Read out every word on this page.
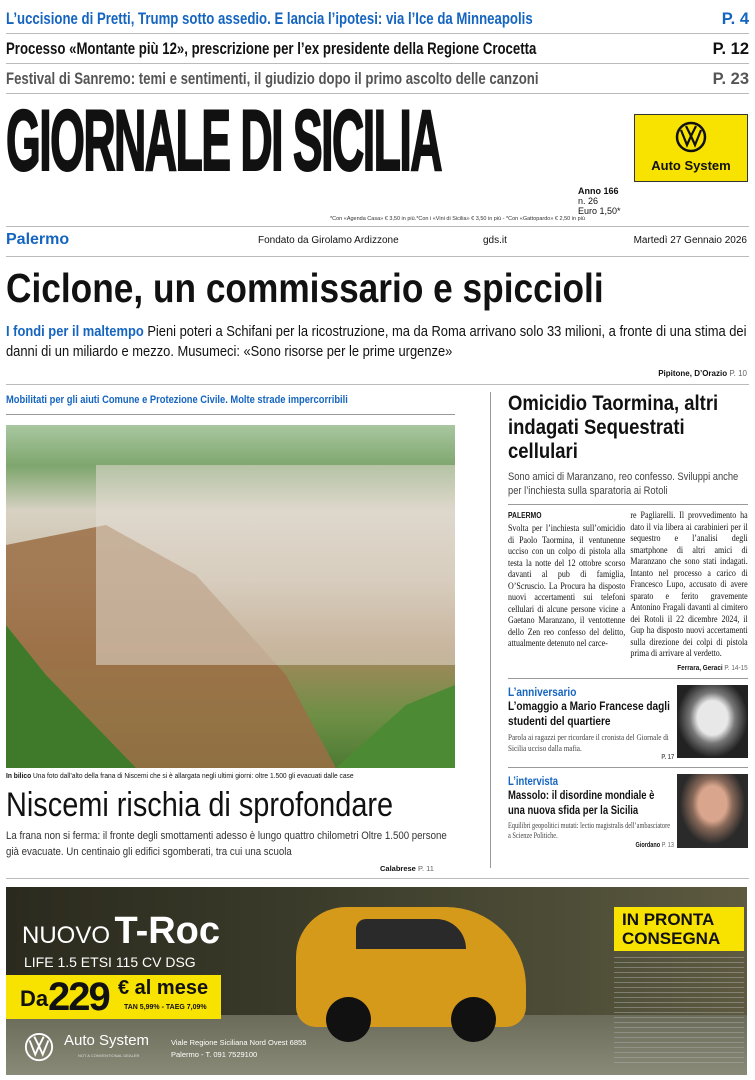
L’uccisione di Pretti, Trump sotto assedio. E lancia l’ipotesi: via l’Ice da Minneapolis	P. 4
Processo «Montante più 12», prescrizione per l’ex presidente della Regione Crocetta	P. 12
Festival di Sanremo: temi e sentimenti, il giudizio dopo il primo ascolto delle canzoni	P. 23
GIORNALE DI SICILIA	Auto System
Anno 166
n. 26
Euro 1,50*
*Con «Agenda Casa» € 3,50 in più.*Con i «Vini di Sicilia» € 3,50 in più - *Con «Gattopardo» € 2,50 in più
Palermo	Fondato da Girolamo Ardizzone	gds.it	Martedì 27 Gennaio 2026
Ciclone, un commissario e spiccioli
I fondi per il maltempo Pieni poteri a Schifani per la ricostruzione, ma da Roma arrivano solo 33 milioni, a fronte di una stima dei danni di un miliardo e mezzo. Musumeci: «Sono risorse per le prime urgenze»
Pipitone, D’Orazio P. 10
Mobilitati per gli aiuti Comune e Protezione Civile. Molte strade impercorribili
In bilico Una foto dall’alto della frana di Niscemi che si è allargata negli ultimi giorni: oltre 1.500 gli evacuati dalle case
Niscemi rischia di sprofondare
La frana non si ferma: il fronte degli smottamenti adesso è lungo quattro chilometri Oltre 1.500 persone già evacuate. Un centinaio gli edifici sgomberati, tra cui una scuola
Calabrese P. 11
Omicidio Taormina, altri indagati Sequestrati cellulari
Sono amici di Maranzano, reo confesso. Sviluppi anche per l’inchiesta sulla sparatoria ai Rotoli
PALERMO
Svolta per l’inchiesta sull’omicidio di Paolo Taormina, il ventunenne ucciso con un colpo di pistola alla testa la notte del 12 ottobre scorso davanti al pub di famiglia, O’Scruscio. La Procura ha disposto nuovi accertamenti sui telefoni cellulari di alcune persone vicine a Gaetano Maranzano, il ventottenne dello Zen reo confesso del delitto, attualmente detenuto nel carce-
re Pagliarelli. Il provvedimento ha dato il via libera ai carabinieri per il sequestro e l’analisi degli smartphone di altri amici di Maranzano che sono stati indagati. Intanto nel processo a carico di Francesco Lupo, accusato di avere sparato e ferito gravemente Antonino Fragali davanti al cimitero dei Rotoli il 22 dicembre 2024, il Gup ha disposto nuovi accertamenti sulla direzione dei colpi di pistola prima di arrivare al verdetto.
Ferrara, Geraci P. 14-15
L’anniversario
L’omaggio a Mario Francese dagli studenti del quartiere
Parola ai ragazzi per ricordare il cronista del Giornale di Sicilia ucciso dalla mafia.
P. 17
L’intervista
Massolo: il disordine mondiale è una nuova sfida per la Sicilia
Equilibri geopolitici mutati: lectio magistralis dell’ambasciatore a Scienze Politiche.
Giordano P. 13
NUOVO T-Roc
LIFE 1.5 ETSI 115 CV DSG
Da 229 € al mese
TAN 5,99% - TAEG 7,09%
Auto System
NOT A CONVENTIONAL DEALER
Viale Regione Siciliana Nord Ovest 6855
Palermo - T. 091 7529100
IN PRONTA CONSEGNA
